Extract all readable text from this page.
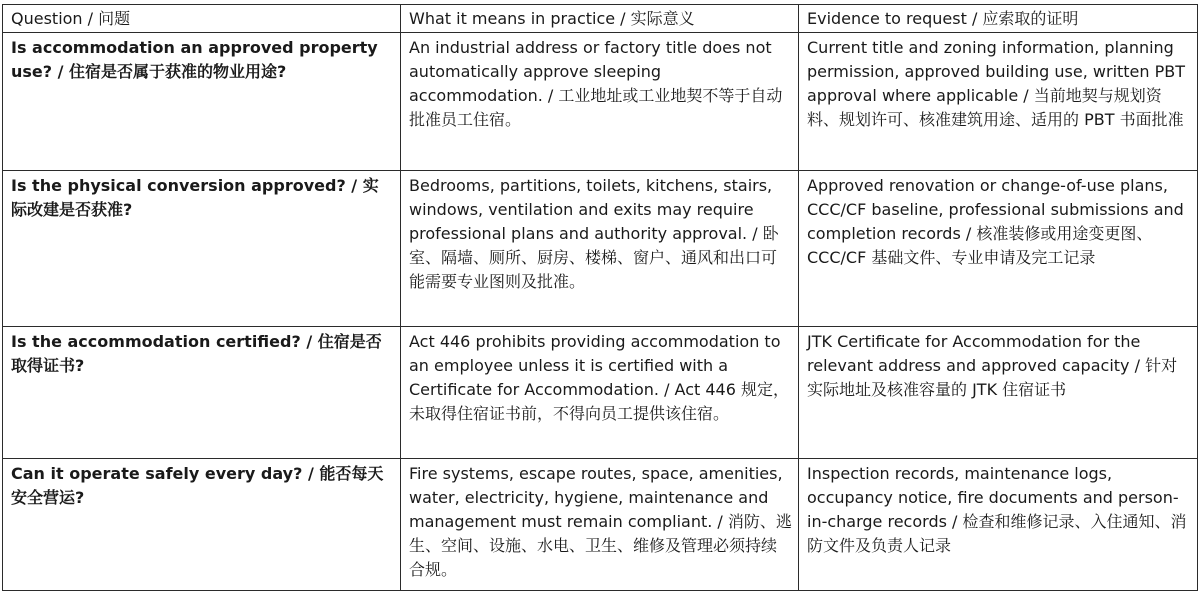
Question / 问题	What it means in practice / 实际意义	Evidence to request / 应索取的证明
Is accommodation an approved property use? / 住宿是否属于获准的物业用途?	An industrial address or factory title does not automatically approve sleeping accommodation. / 工业地址或工业地契不等于自动批准员工住宿。	Current title and zoning information, planning permission, approved building use, written PBT approval where applicable / 当前地契与规划资料、规划许可、核准建筑用途、适用的 PBT 书面批准
Is the physical conversion approved? / 实际改建是否获准?	Bedrooms, partitions, toilets, kitchens, stairs, windows, ventilation and exits may require professional plans and authority approval. / 卧室、隔墙、厕所、厨房、楼梯、窗户、通风和出口可能需要专业图则及批准。	Approved renovation or change-of-use plans, CCC/CF baseline, professional submissions and completion records / 核准装修或用途变更图、CCC/CF 基础文件、专业申请及完工记录
Is the accommodation certified? / 住宿是否取得证书?	Act 446 prohibits providing accommodation to an employee unless it is certified with a Certificate for Accommodation. / Act 446 规定，未取得住宿证书前，不得向员工提供该住宿。	JTK Certificate for Accommodation for the relevant address and approved capacity / 针对实际地址及核准容量的 JTK 住宿证书
Can it operate safely every day? / 能否每天安全营运?	Fire systems, escape routes, space, amenities, water, electricity, hygiene, maintenance and management must remain compliant. / 消防、逃生、空间、设施、水电、卫生、维修及管理必须持续合规。	Inspection records, maintenance logs, occupancy notice, fire documents and person-in-charge records / 检查和维修记录、入住通知、消防文件及负责人记录
